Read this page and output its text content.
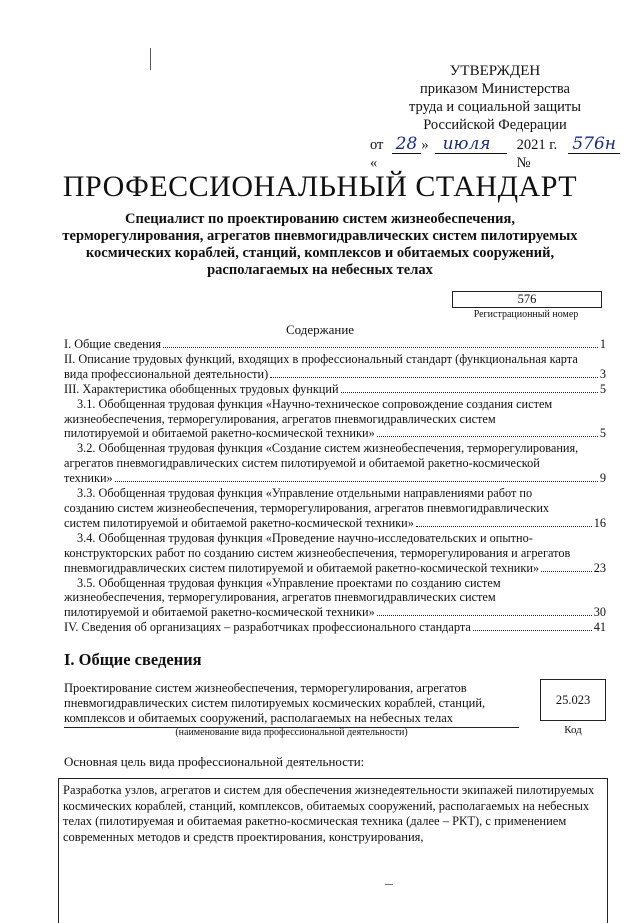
УТВЕРЖДЕН
приказом Министерства
труда и социальной защиты
Российской Федерации
от «
28 » июля	2021 г. №
576н
ПРОФЕССИОНАЛЬНЫЙ СТАНДАРТ
Специалист по проектированию систем жизнеобеспечения, терморегулирования, агрегатов пневмогидравлических систем пилотируемых космических кораблей, станций, комплексов и обитаемых сооружений, располагаемых на небесных телах
576
Регистрационный номер
Содержание
I. Общие сведения	1
II. Описание трудовых функций, входящих в профессиональный стандарт (функциональная карта
вида профессиональной деятельности)	3
III. Характеристика обобщенных трудовых функций	5
3.1. Обобщенная трудовая функция «Научно-техническое сопровождение создания систем
жизнеобеспечения, терморегулирования, агрегатов пневмогидравлических систем
пилотируемой и обитаемой ракетно-космической техники»	5
3.2. Обобщенная трудовая функция «Создание систем жизнеобеспечения, терморегулирования,
агрегатов пневмогидравлических систем пилотируемой и обитаемой ракетно-космической
техники»	9
3.3. Обобщенная трудовая функция «Управление отдельными направлениями работ по
созданию систем жизнеобеспечения, терморегулирования, агрегатов пневмогидравлических
систем пилотируемой и обитаемой ракетно-космической техники»	16
3.4. Обобщенная трудовая функция «Проведение научно-исследовательских и опытно-
конструкторских работ по созданию систем жизнеобеспечения, терморегулирования и агрегатов
пневмогидравлических систем пилотируемой и обитаемой ракетно-космической техники»	23
3.5. Обобщенная трудовая функция «Управление проектами по созданию систем
жизнеобеспечения, терморегулирования, агрегатов пневмогидравлических систем
пилотируемой и обитаемой ракетно-космической техники»	30
IV. Сведения об организациях – разработчиках профессионального стандарта	41
I. Общие сведения
Проектирование систем жизнеобеспечения, терморегулирования, агрегатов пневмогидравлических систем пилотируемых космических кораблей, станций, комплексов и обитаемых сооружений, располагаемых на небесных телах
(наименование вида профессиональной деятельности)
25.023
Код
Основная цель вида профессиональной деятельности:
Разработка узлов, агрегатов и систем для обеспечения жизнедеятельности экипажей пилотируемых космических кораблей, станций, комплексов, обитаемых сооружений, располагаемых на небесных телах (пилотируемая и обитаемая ракетно-космическая техника (далее – РКТ), с применением современных методов и средств проектирования, конструирования,
